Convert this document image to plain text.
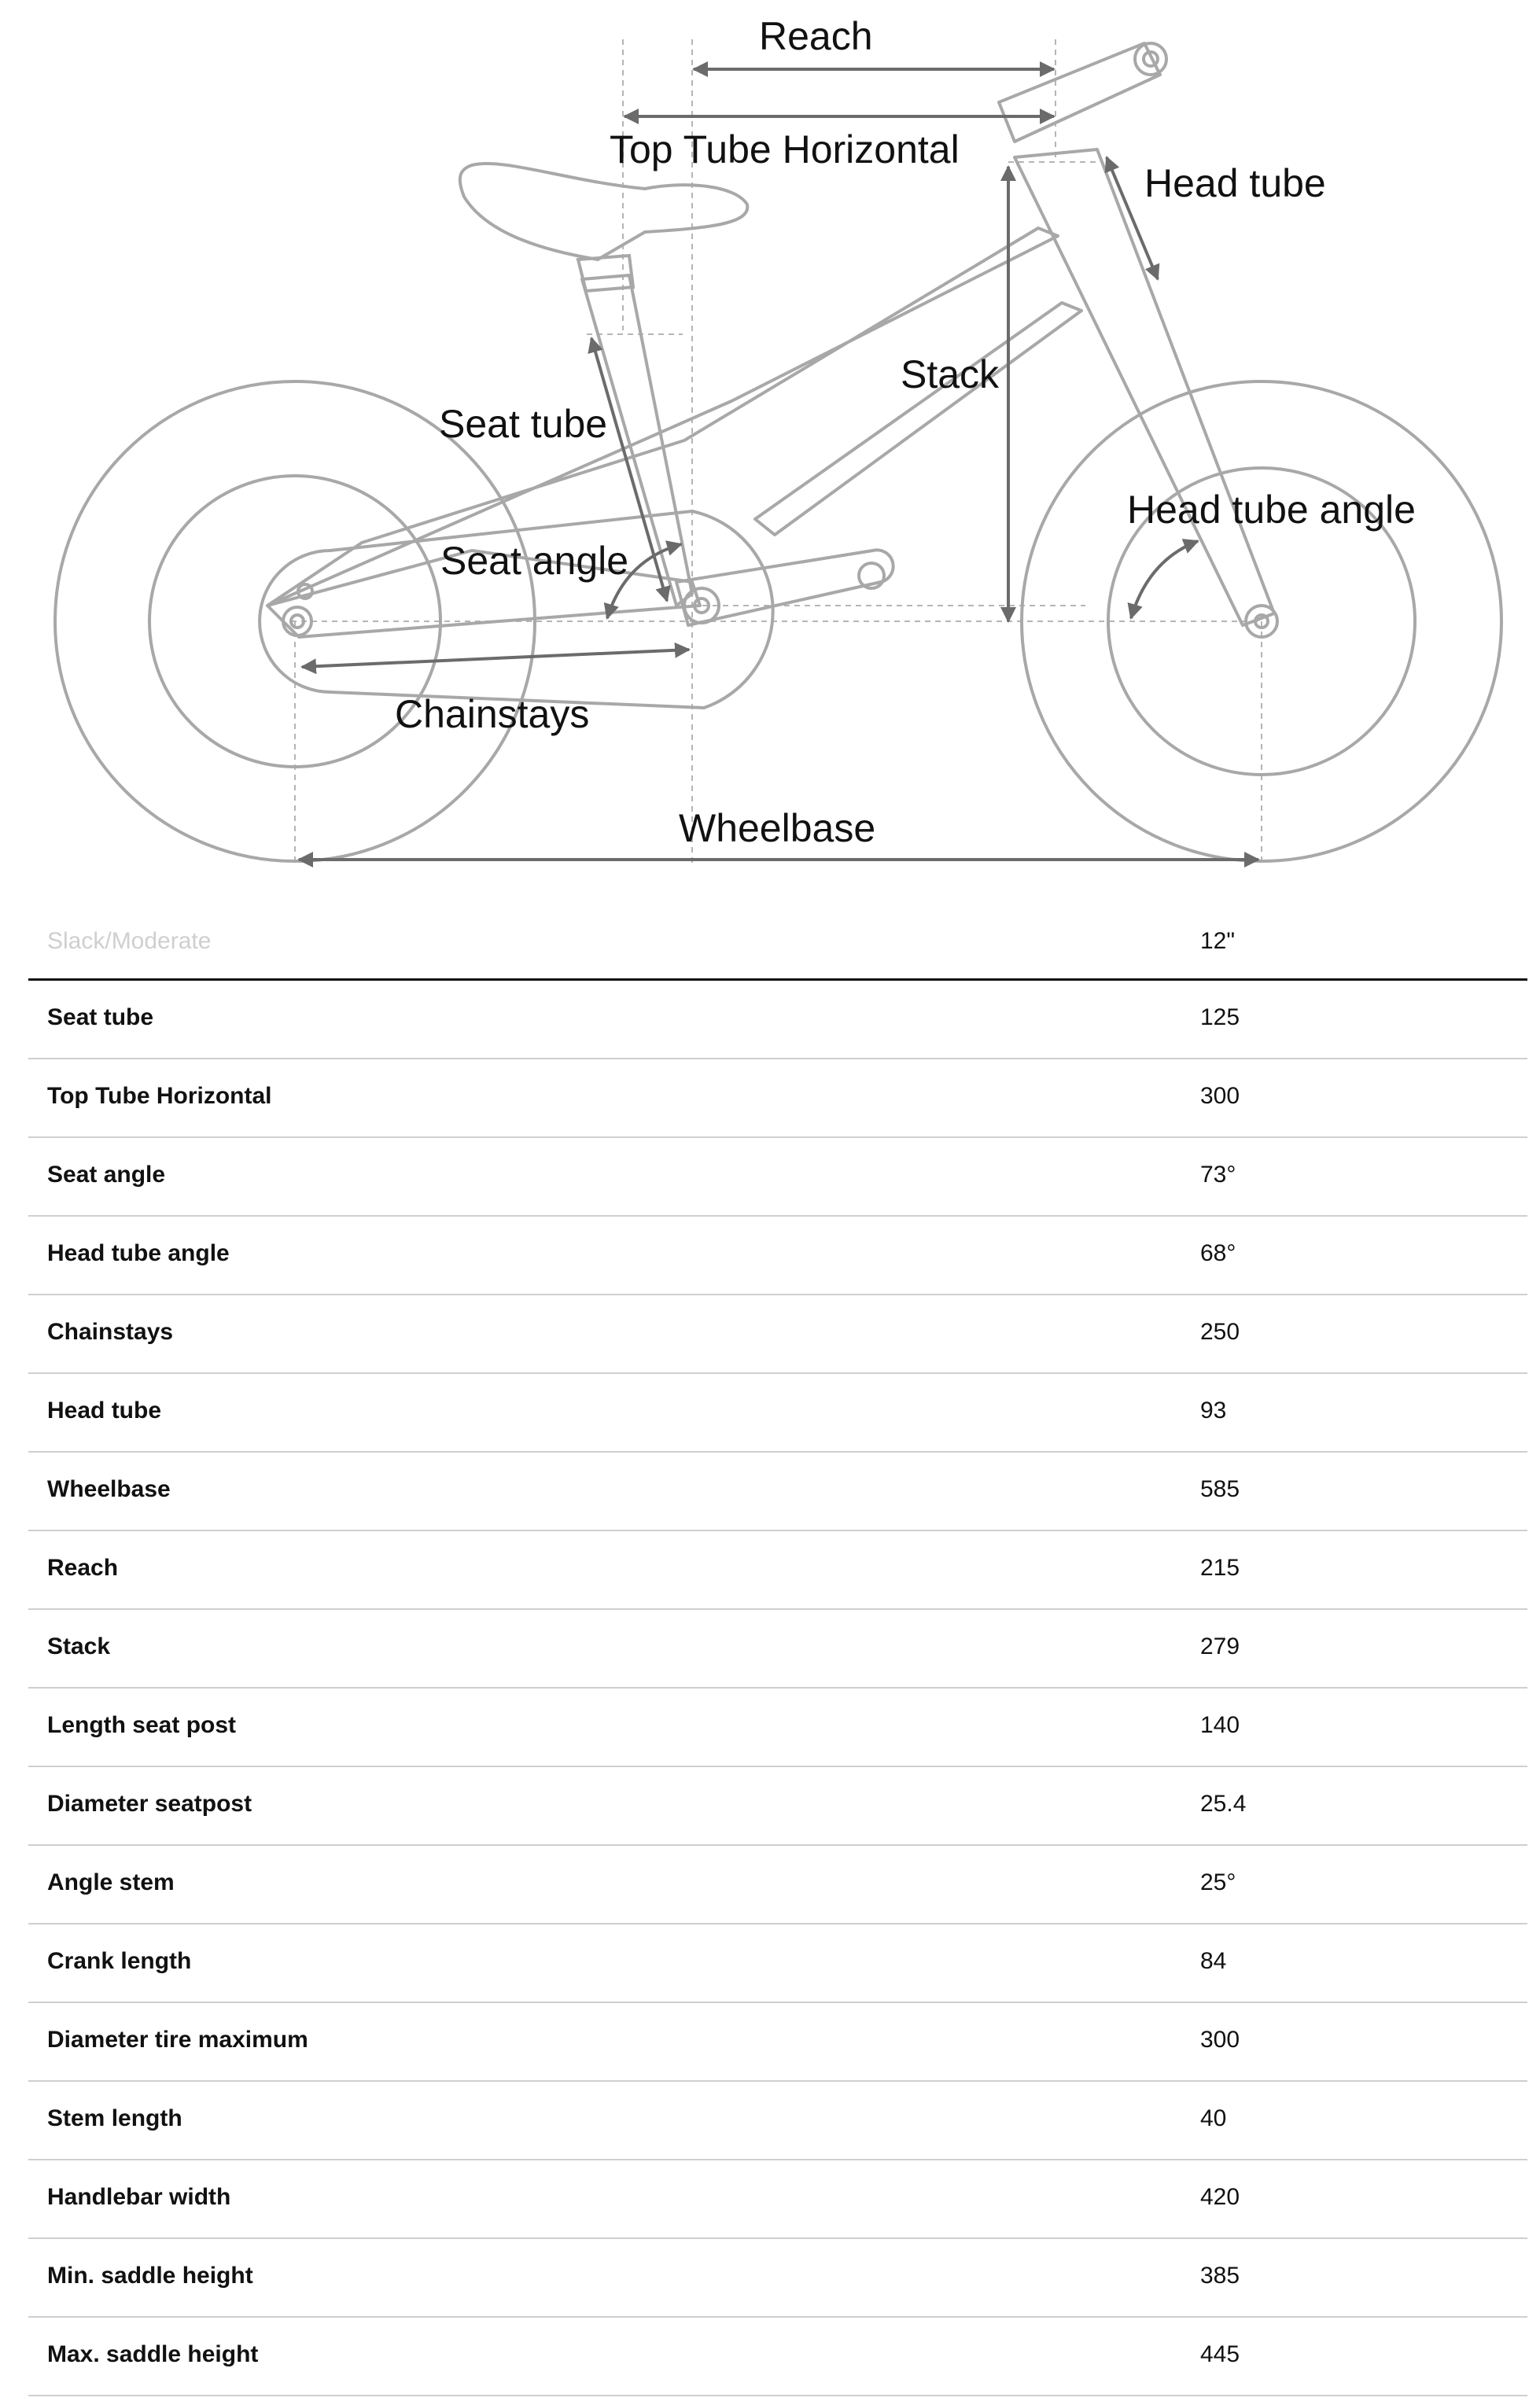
Reach
Top Tube Horizontal
Head tube
Stack
Seat tube
Head tube angle
Seat angle
Chainstays
Wheelbase
Slack/Moderate	12"
Seat tube	125
Top Tube Horizontal	300
Seat angle	73°
Head tube angle	68°
Chainstays	250
Head tube	93
Wheelbase	585
Reach	215
Stack	279
Length seat post	140
Diameter seatpost	25.4
Angle stem	25°
Crank length	84
Diameter tire maximum	300
Stem length	40
Handlebar width	420
Min. saddle height	385
Max. saddle height	445
